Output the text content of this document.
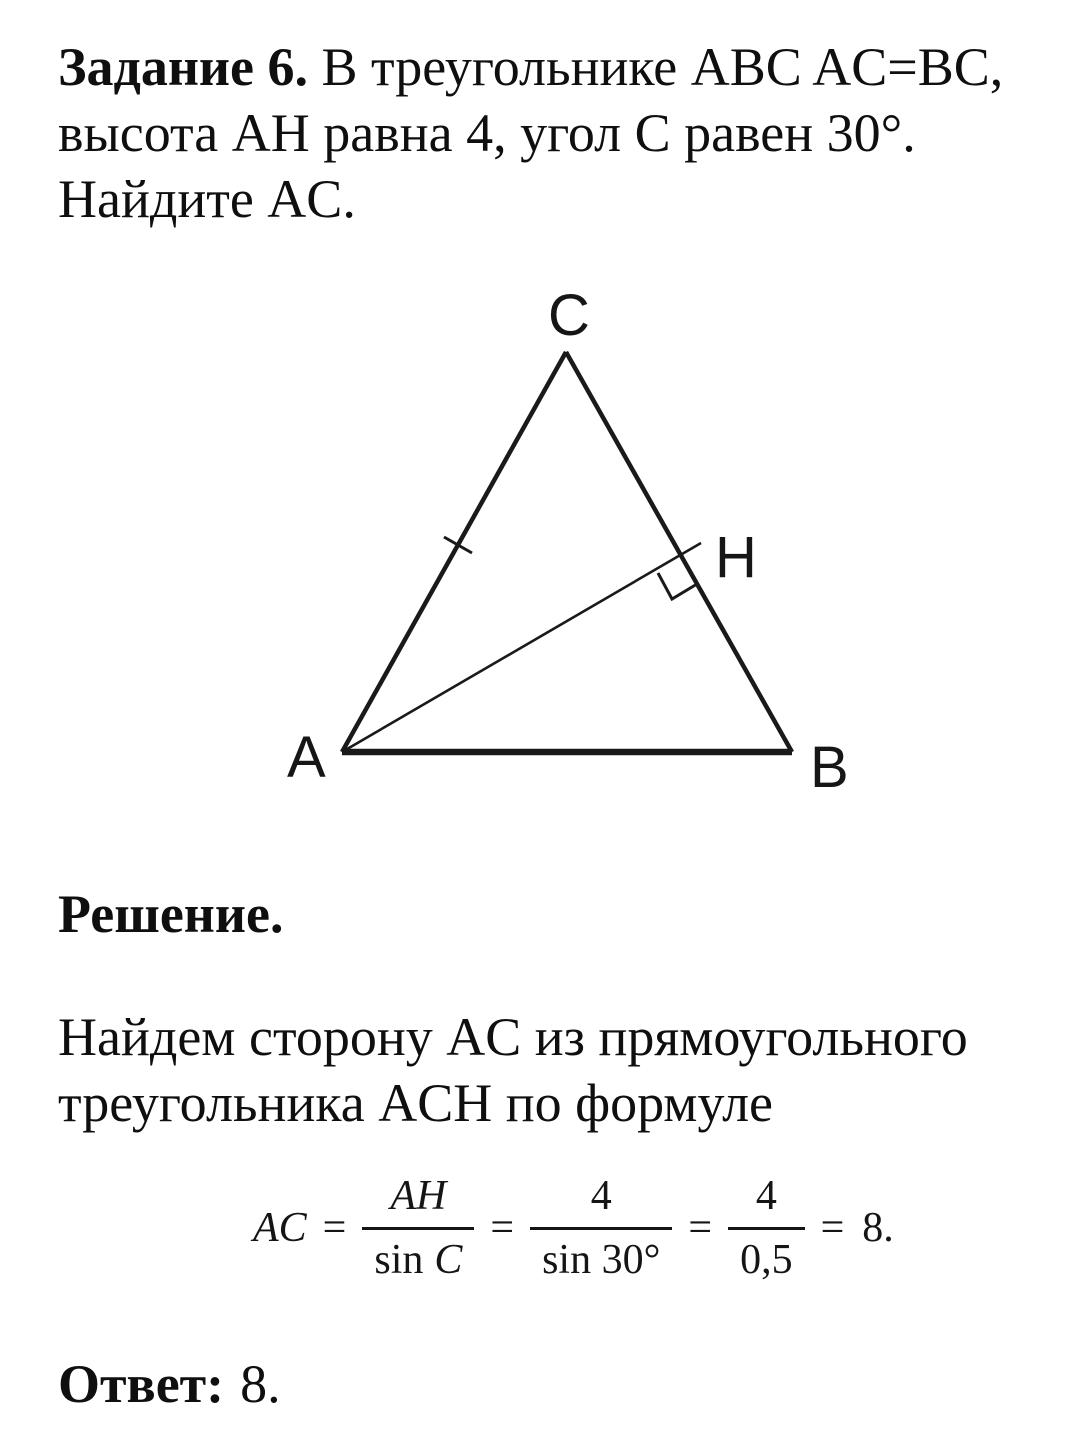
Задание 6. В треугольнике ABC AC=BC,
высота AH равна 4, угол C равен 30°.
Найдите AC.
C
A	B
H
Решение.
Найдем сторону AC из прямоугольного
треугольника ACH по формуле
AC = $\frac{AH}{\text{sin C}} = \frac{4}{\sin 30^\circ} = \frac{4}{0,5} = 8$.
Ответ: 8.
